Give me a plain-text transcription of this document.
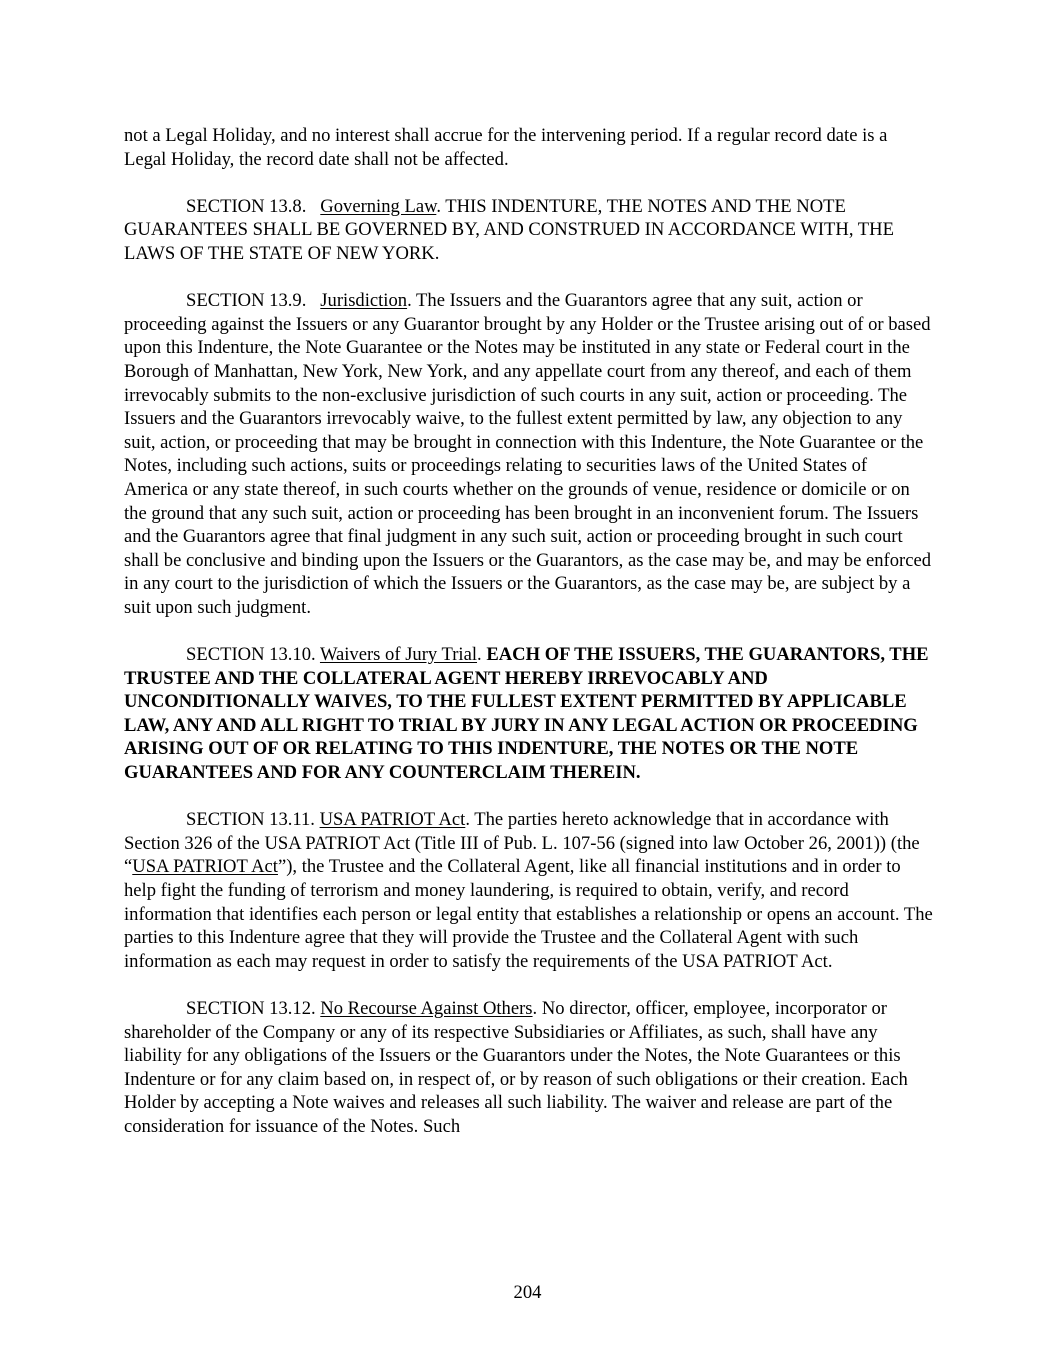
not a Legal Holiday, and no interest shall accrue for the intervening period. If a regular record date is a Legal Holiday, the record date shall not be affected.

SECTION 13.8. Governing Law. THIS INDENTURE, THE NOTES AND THE NOTE GUARANTEES SHALL BE GOVERNED BY, AND CONSTRUED IN ACCORDANCE WITH, THE LAWS OF THE STATE OF NEW YORK.

SECTION 13.9. Jurisdiction. The Issuers and the Guarantors agree that any suit, action or proceeding against the Issuers or any Guarantor brought by any Holder or the Trustee arising out of or based upon this Indenture, the Note Guarantee or the Notes may be instituted in any state or Federal court in the Borough of Manhattan, New York, New York, and any appellate court from any thereof, and each of them irrevocably submits to the non-exclusive jurisdiction of such courts in any suit, action or proceeding. The Issuers and the Guarantors irrevocably waive, to the fullest extent permitted by law, any objection to any suit, action, or proceeding that may be brought in connection with this Indenture, the Note Guarantee or the Notes, including such actions, suits or proceedings relating to securities laws of the United States of America or any state thereof, in such courts whether on the grounds of venue, residence or domicile or on the ground that any such suit, action or proceeding has been brought in an inconvenient forum. The Issuers and the Guarantors agree that final judgment in any such suit, action or proceeding brought in such court shall be conclusive and binding upon the Issuers or the Guarantors, as the case may be, and may be enforced in any court to the jurisdiction of which the Issuers or the Guarantors, as the case may be, are subject by a suit upon such judgment.

SECTION 13.10. Waivers of Jury Trial. EACH OF THE ISSUERS, THE GUARANTORS, THE TRUSTEE AND THE COLLATERAL AGENT HEREBY IRREVOCABLY AND UNCONDITIONALLY WAIVES, TO THE FULLEST EXTENT PERMITTED BY APPLICABLE LAW, ANY AND ALL RIGHT TO TRIAL BY JURY IN ANY LEGAL ACTION OR PROCEEDING ARISING OUT OF OR RELATING TO THIS INDENTURE, THE NOTES OR THE NOTE GUARANTEES AND FOR ANY COUNTERCLAIM THEREIN.

SECTION 13.11. USA PATRIOT Act. The parties hereto acknowledge that in accordance with Section 326 of the USA PATRIOT Act (Title III of Pub. L. 107-56 (signed into law October 26, 2001)) (the “USA PATRIOT Act”), the Trustee and the Collateral Agent, like all financial institutions and in order to help fight the funding of terrorism and money laundering, is required to obtain, verify, and record information that identifies each person or legal entity that establishes a relationship or opens an account. The parties to this Indenture agree that they will provide the Trustee and the Collateral Agent with such information as each may request in order to satisfy the requirements of the USA PATRIOT Act.

SECTION 13.12. No Recourse Against Others. No director, officer, employee, incorporator or shareholder of the Company or any of its respective Subsidiaries or Affiliates, as such, shall have any liability for any obligations of the Issuers or the Guarantors under the Notes, the Note Guarantees or this Indenture or for any claim based on, in respect of, or by reason of such obligations or their creation. Each Holder by accepting a Note waives and releases all such liability. The waiver and release are part of the consideration for issuance of the Notes. Such

204
